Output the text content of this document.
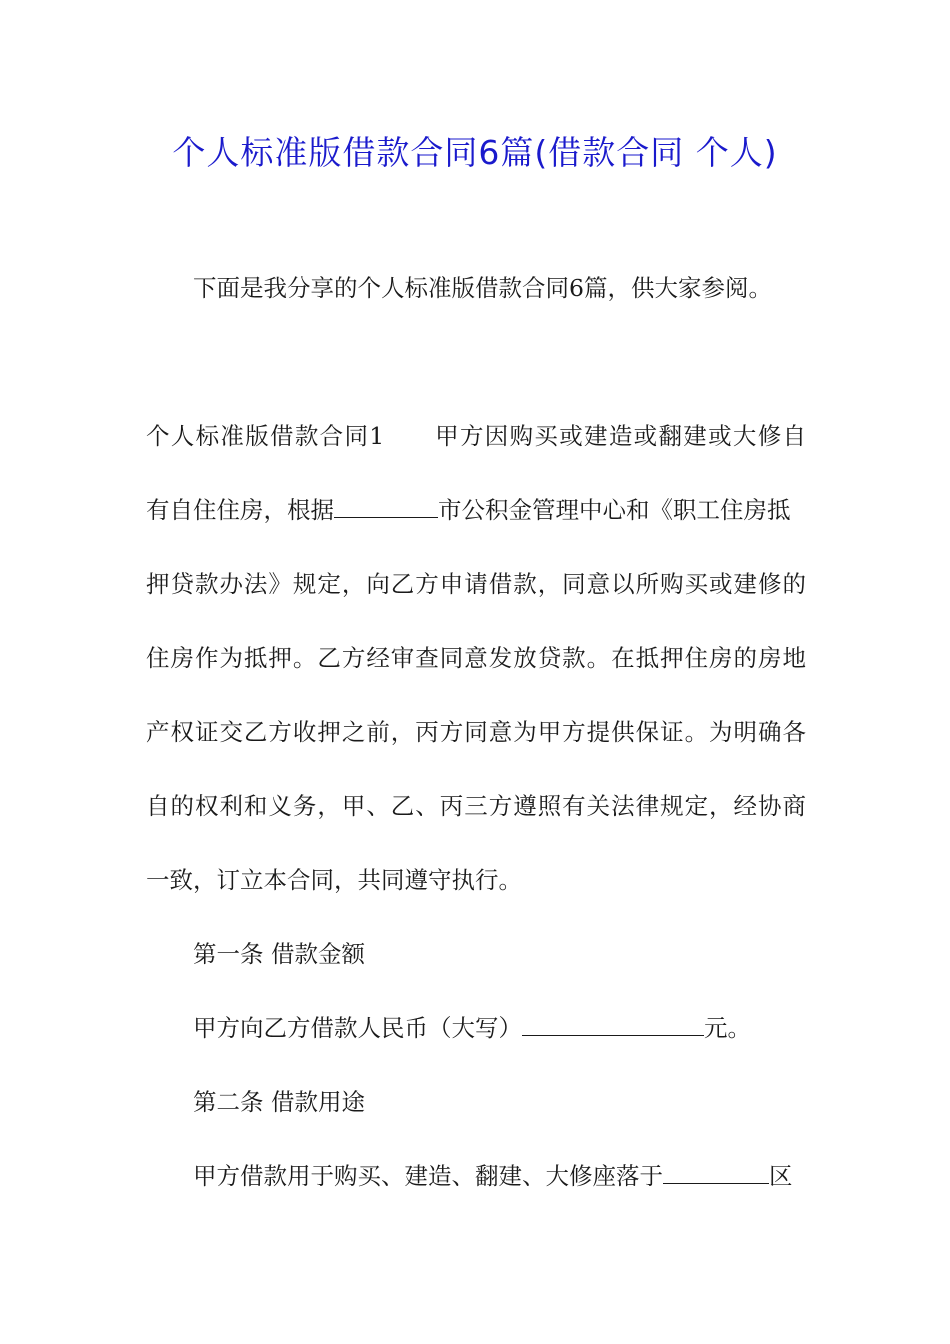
个人标准版借款合同6篇(借款合同 个人)

下面是我分享的个人标准版借款合同6篇，供大家参阅。

个人标准版借款合同1　　甲方因购买或建造或翻建或大修自

有自住住房，根据	市公积金管理中心和《职工住房抵

押贷款办法》规定，向乙方申请借款，同意以所购买或建修的

住房作为抵押。乙方经审查同意发放贷款。在抵押住房的房地

产权证交乙方收押之前，丙方同意为甲方提供保证。为明确各

自的权利和义务，甲、乙、丙三方遵照有关法律规定，经协商

一致，订立本合同，共同遵守执行。

第一条 借款金额

甲方向乙方借款人民币（大写）	元。

第二条 借款用途

甲方借款用于购买、建造、翻建、大修座落于	区
